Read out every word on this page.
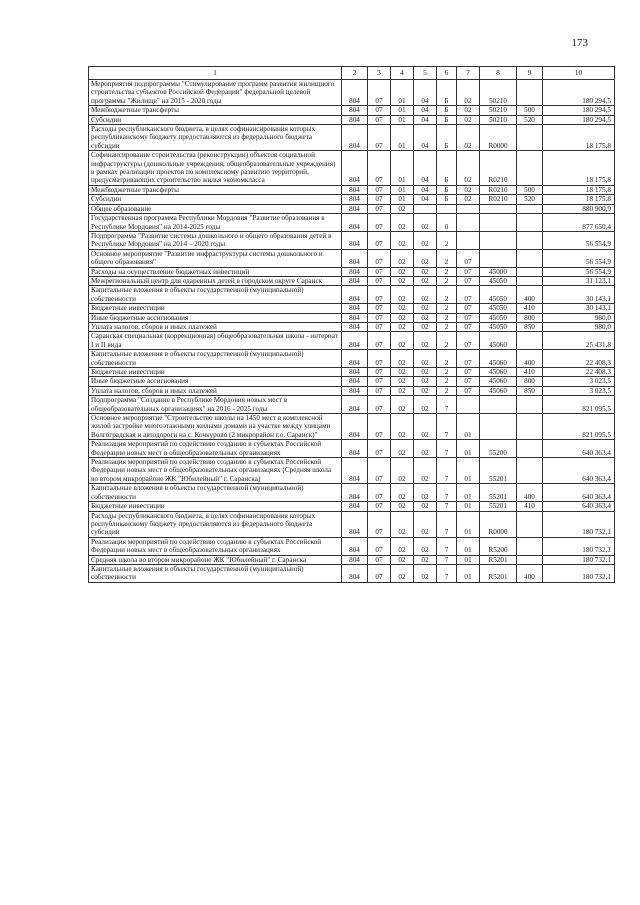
173
1	2	3	4	5	6	7	8	9	10
Мероприятия подпрограммы "Стимулирование программ развития жилищного строительства субъектов Российской Федерации" федеральной целевой программы "Жилище" на 2015 - 2020 годы	804	07	01	04	Б	02	50210		180 294,5
Межбюджетные трансферты	804	07	01	04	Б	02	50210	500	180 294,5
Субсидии	804	07	01	04	Б	02	50210	520	180 294,5
Расходы республиканского бюджета, в целях софинансирования которых республиканскому бюджету предоставляются из федерального бюджета субсидии	804	07	01	04	Б	02	R0000		18 175,8
Софинансирование строительства (реконструкции) объектов социальной инфраструктуры (дошкольные учреждения, общеобразовательные учреждения) в рамках реализации проектов по комплексному развитию территорий, предусматривающих строительство жилья экономкласса	804	07	01	04	Б	02	R0210		18 175,8
Межбюджетные трансферты	804	07	01	04	Б	02	R0210	500	18 175,8
Субсидии	804	07	01	04	Б	02	R0210	520	18 175,8
Общее образование	804	07	02						880 900,9
Государственная программа Республики Мордовия "Развитие образования в Республике Мордовия" на 2014-2025 годы	804	07	02	02	0				877 650,4
Подпрограмма "Развитие системы дошкольного и общего образования детей в Республике Мордовия" на 2014 – 2020 годы	804	07	02	02	2				56 554,9
Основное мероприятие "Развитие инфраструктуры системы дошкольного и общего образования"	804	07	02	02	2	07			56 554,9
Расходы на осуществление бюджетных инвестиций	804	07	02	02	2	07	45000		56 554,9
Межрегиональный центр для одаренных детей в городском округе Саранск	804	07	02	02	2	07	45050		31 123,1
Капитальные вложения в объекты государственной (муниципальной) собственности	804	07	02	02	2	07	45050	400	30 143,1
Бюджетные инвестиции	804	07	02	02	2	07	45050	410	30 143,1
Иные бюджетные ассигнования	804	07	02	02	2	07	45050	800	980,0
Уплата налогов, сборов и иных платежей	804	07	02	02	2	07	45050	850	980,0
Саранская специальная (коррекционная) общеобразовательная школа - интернат I и II вида	804	07	02	02	2	07	45060		25 431,8
Капитальные вложения в объекты государственной (муниципальной) собственности	804	07	02	02	2	07	45060	400	22 408,3
Бюджетные инвестиции	804	07	02	02	2	07	45060	410	22 408,3
Иные бюджетные ассигнования	804	07	02	02	2	07	45060	800	3 023,5
Уплата налогов, сборов и иных платежей	804	07	02	02	2	07	45060	850	3 023,5
Подпрограмма "Создание в Республике Мордовия новых мест в общеобразовательных организациях" на 2016 - 2025 годы	804	07	02	02	7				821 095,5
Основное мероприятие "Строительство школы на 1450 мест в комплексной жилой застройке многоэтажными жилыми домами на участке между улицами Волгоградская и автодороги на с. Кочкурово (2 микрорайон г.о. Саранск)"	804	07	02	02	7	01			821 095,5
Реализация мероприятий по содействию созданию в субъектах Российской Федерации новых мест в общеобразовательных организациях	804	07	02	02	7	01	55200		640 363,4
Реализация мероприятий по содействию созданию в субъектах Российской Федерации новых мест в общеобразовательных организациях (Средняя школа во втором микрорайоне ЖК "Юбилейный" г. Саранска)	804	07	02	02	7	01	55201		640 363,4
Капитальные вложения в объекты государственной (муниципальной) собственности	804	07	02	02	7	01	55201	400	640 363,4
Бюджетные инвестиции	804	07	02	02	7	01	55201	410	640 363,4
Расходы республиканского бюджета, в целях софинансирования которых республиканскому бюджету предоставляются из федерального бюджета субсидии	804	07	02	02	7	01	R0000		180 732,1
Реализация мероприятий по содействию созданию в субъектах Российской Федерации новых мест в общеобразовательных организациях	804	07	02	02	7	01	R5200		180 732,1
Средняя школа во втором микрорайоне ЖК "Юбилейный" г. Саранска	804	07	02	02	7	01	R5201		180 732,1
Капитальные вложения в объекты государственной (муниципальной) собственности	804	07	02	02	7	01	R5201	400	180 732,1
